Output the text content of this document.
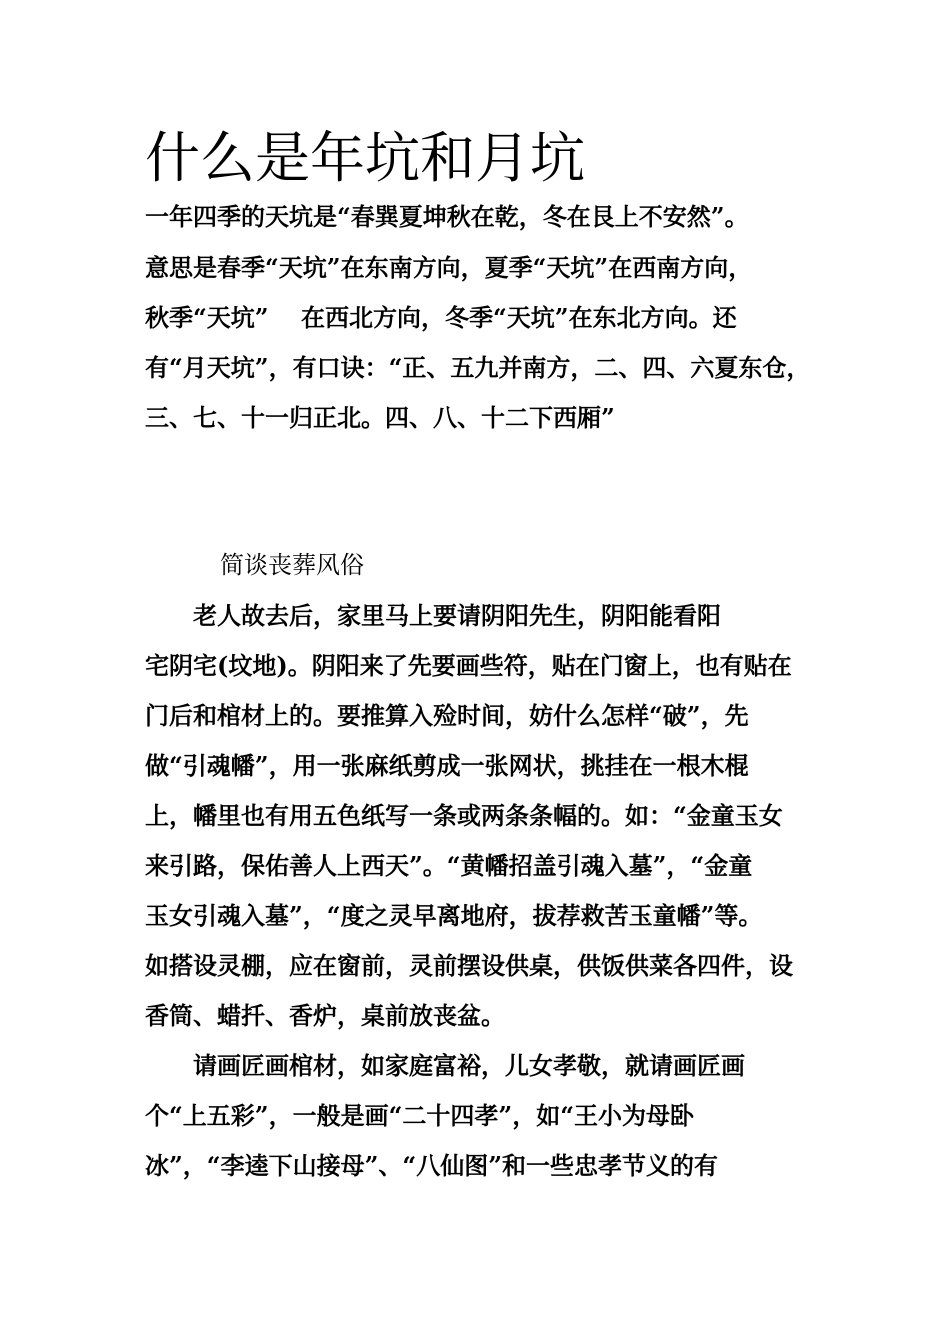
什么是年坑和月坑
一年四季的天坑是“春巽夏坤秋在乾，冬在艮上不安然”。
意思是春季“天坑”在东南方向，夏季“天坑”在西南方向，
秋季“天坑”　 在西北方向，冬季“天坑”在东北方向。还
有“月天坑”，有口诀：“正、五九并南方，二、四、六夏东仓，
三、七、十一归正北。四、八、十二下西厢”
简谈丧葬风俗
　　老人故去后，家里马上要请阴阳先生，阴阳能看阳
宅阴宅(坟地)。阴阳来了先要画些符，贴在门窗上，也有贴在
门后和棺材上的。要推算入殓时间，妨什么怎样“破”，先
做“引魂幡”，用一张麻纸剪成一张网状，挑挂在一根木棍
上，幡里也有用五色纸写一条或两条条幅的。如：“金童玉女
来引路，保佑善人上西天”。“黄幡招盖引魂入墓”，“金童
玉女引魂入墓”，“度之灵早离地府，拔荐救苦玉童幡”等。
如搭设灵棚，应在窗前，灵前摆设供桌，供饭供菜各四件，设
香筒、蜡扦、香炉，桌前放丧盆。
　　请画匠画棺材，如家庭富裕，儿女孝敬，就请画匠画
个“上五彩”，一般是画“二十四孝”，如“王小为母卧
冰”，“李逵下山接母”、“八仙图”和一些忠孝节义的有
